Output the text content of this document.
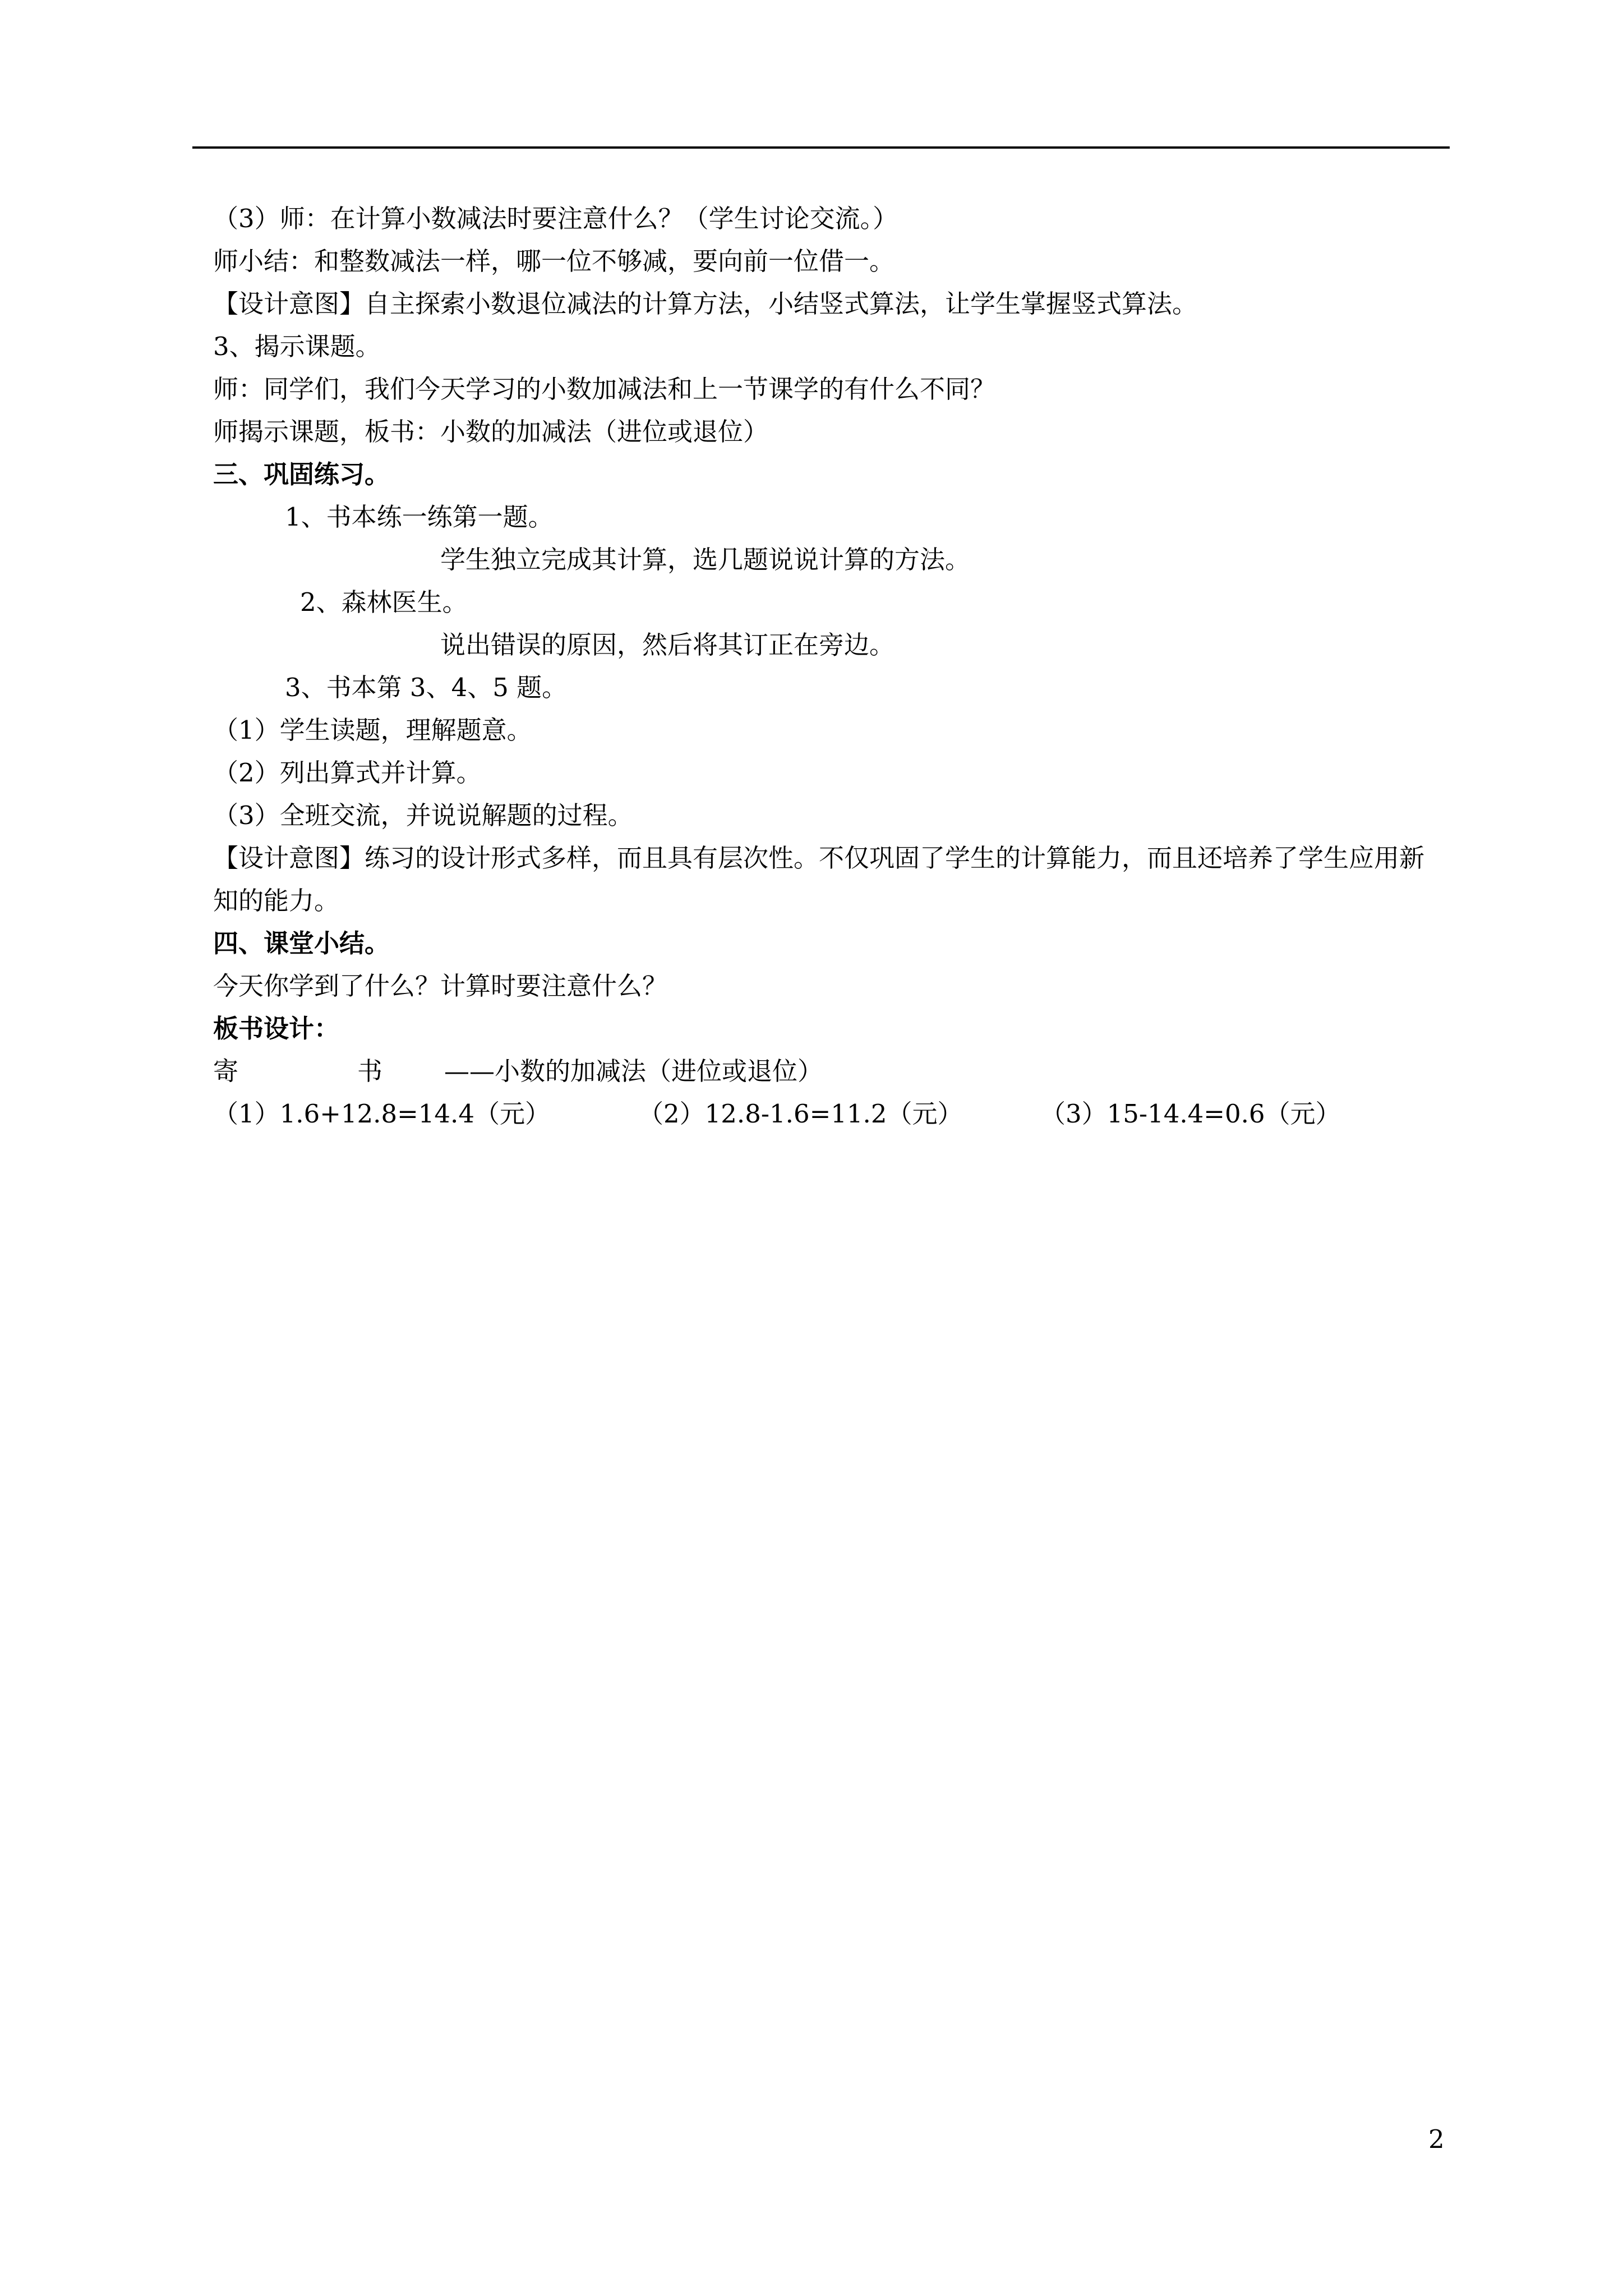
（3）师：在计算小数减法时要注意什么？（学生讨论交流。）
师小结：和整数减法一样，哪一位不够减，要向前一位借一。
【设计意图】自主探索小数退位减法的计算方法，小结竖式算法，让学生掌握竖式算法。
3、揭示课题。
师：同学们，我们今天学习的小数加减法和上一节课学的有什么不同？
师揭示课题，板书：小数的加减法（进位或退位）
三、巩固练习。
1、书本练一练第一题。
学生独立完成其计算，选几题说说计算的方法。
2、森林医生。
说出错误的原因，然后将其订正在旁边。
3、书本第 3、4、5 题。
（1）学生读题，理解题意。
（2）列出算式并计算。
（3）全班交流，并说说解题的过程。
【设计意图】练习的设计形式多样，而且具有层次性。不仅巩固了学生的计算能力，而且还培养了学生应用新知的能力。
四、课堂小结。
今天你学到了什么？计算时要注意什么？
板书设计：
寄	书 ——小数的加减法（进位或退位）
（1）1.6+12.8=14.4（元）	（2）12.8-1.6=11.2（元）	（3）15-14.4=0.6（元）
2
